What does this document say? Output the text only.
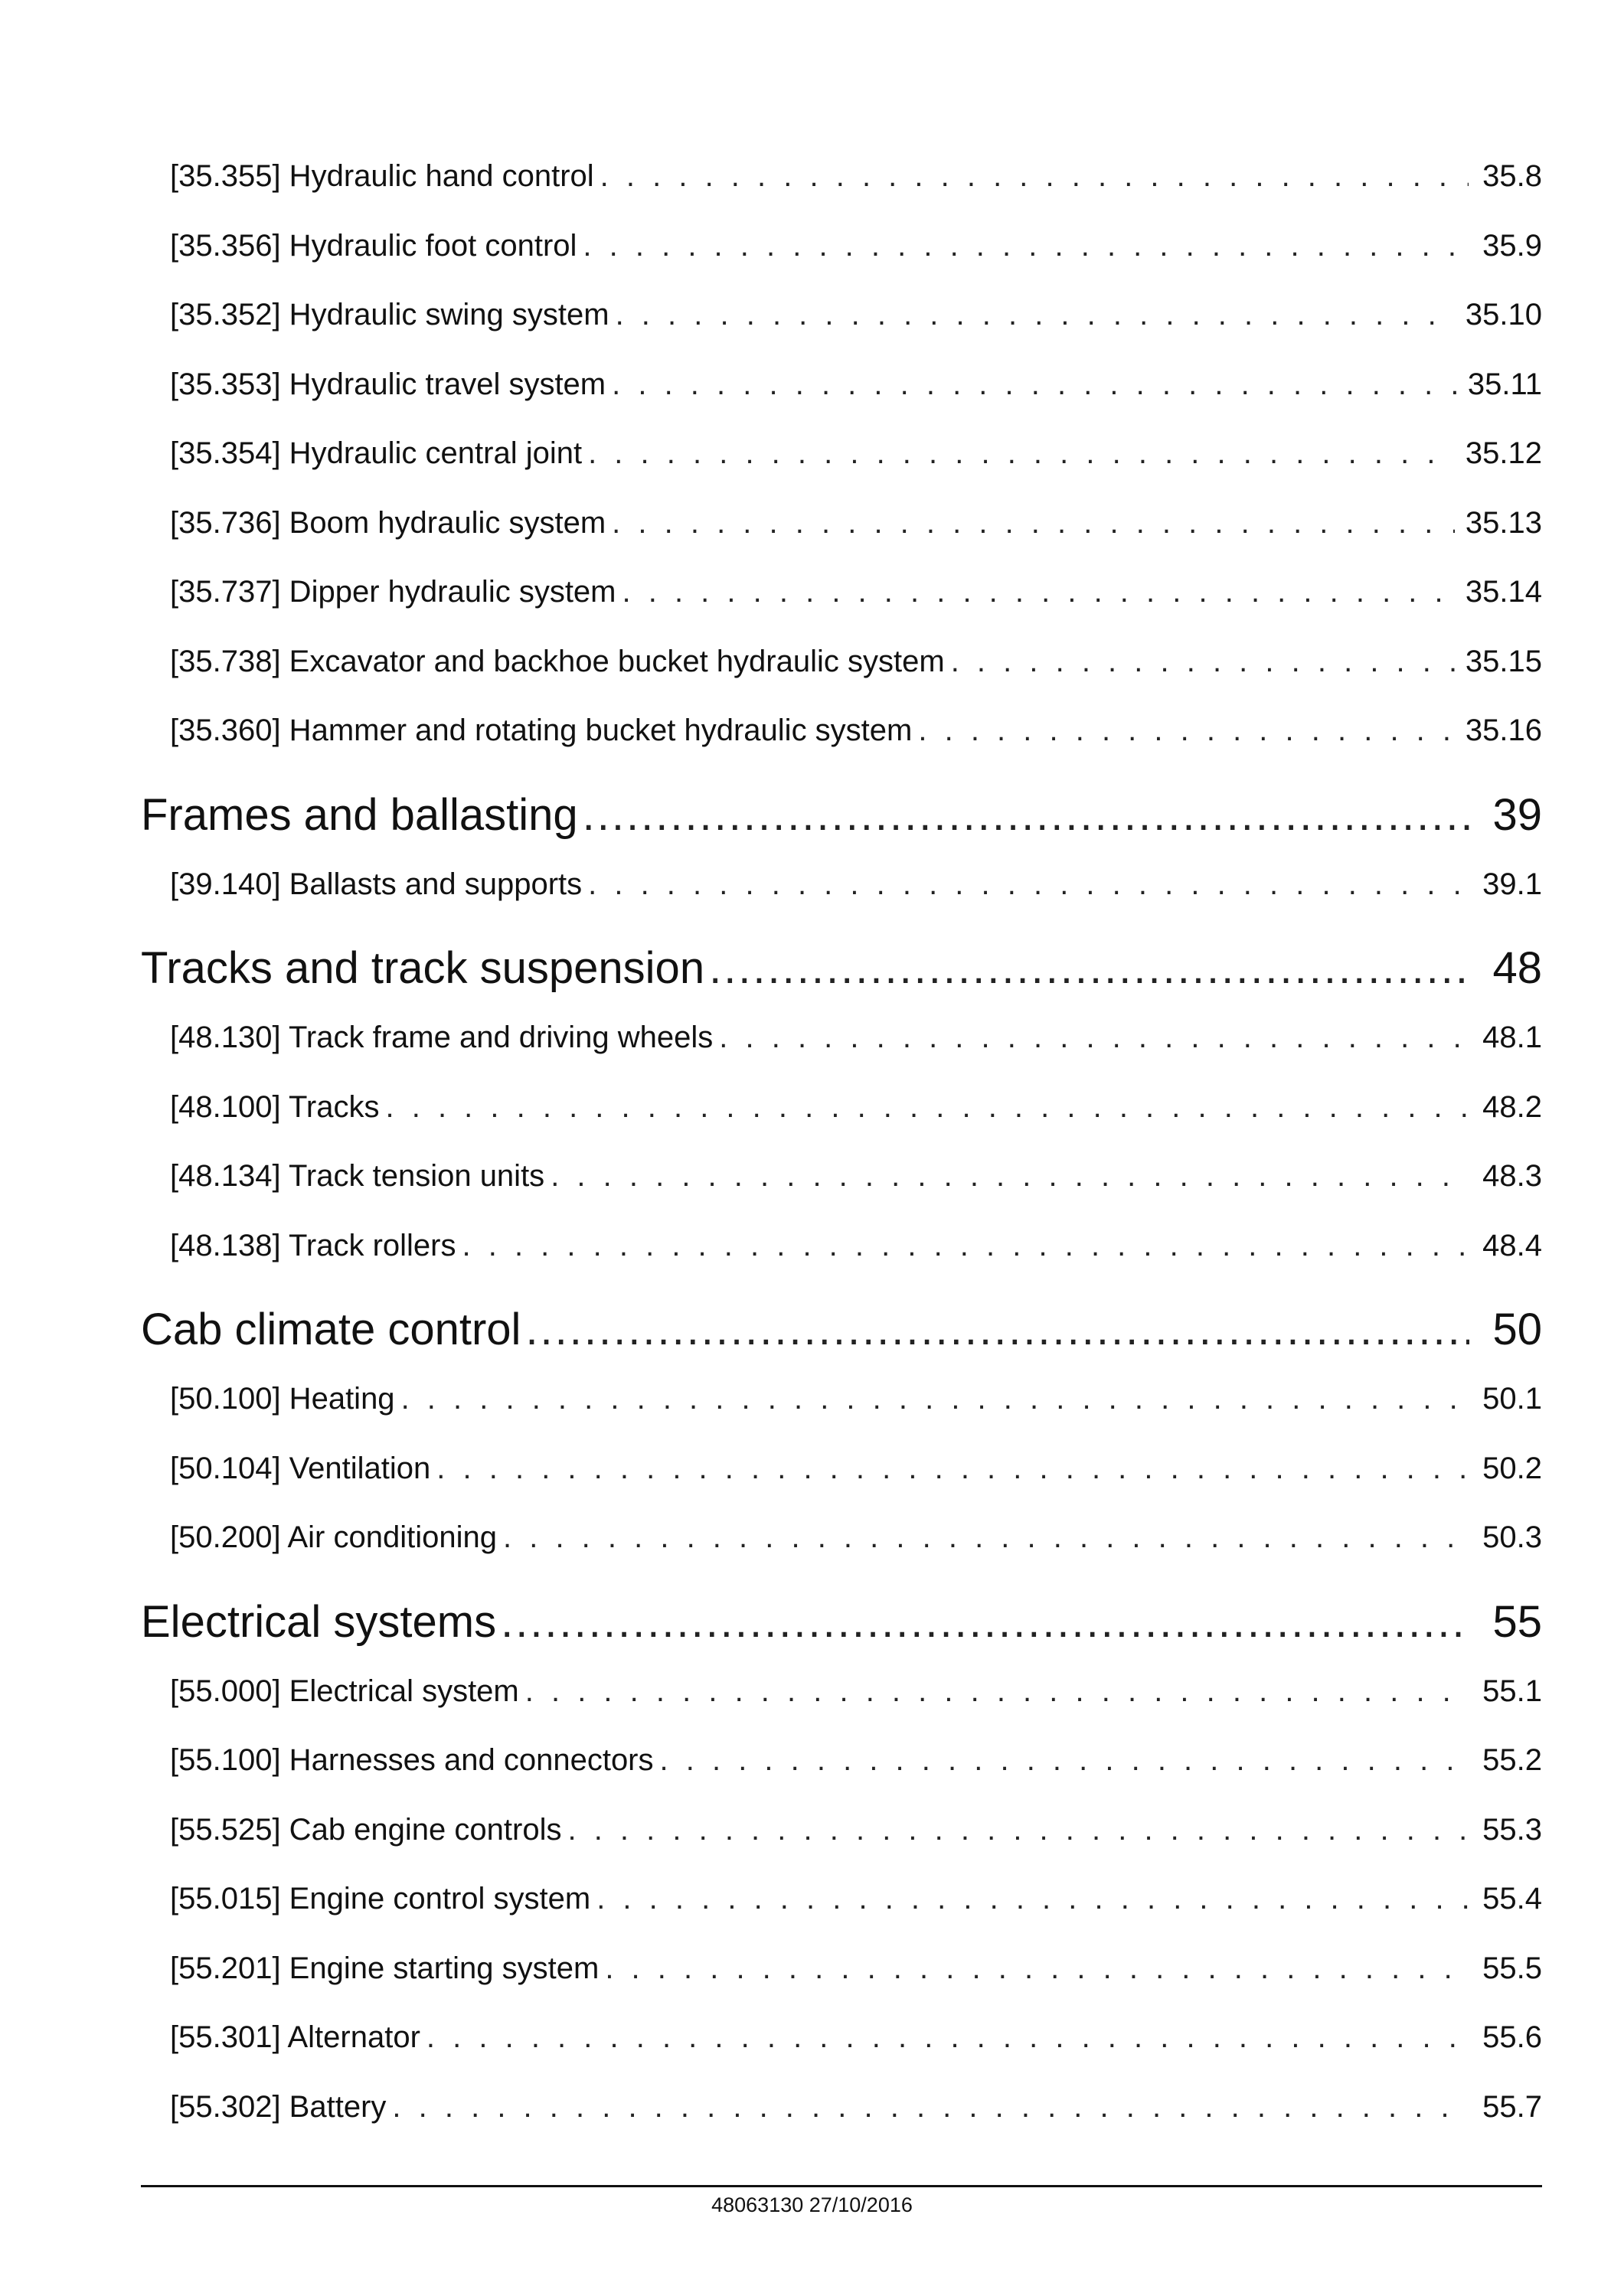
[35.355] Hydraulic hand control . . .	35.8
[35.356] Hydraulic foot control . . .	35.9
[35.352] Hydraulic swing system . . .	35.10
[35.353] Hydraulic travel system . . .	35.11
[35.354] Hydraulic central joint . . .	35.12
[35.736] Boom hydraulic system . . .	35.13
[35.737] Dipper hydraulic system . . .	35.14
[35.738] Excavator and backhoe bucket hydraulic system . . .	35.15
[35.360] Hammer and rotating bucket hydraulic system . . .	35.16
Frames and ballasting .....	39
[39.140] Ballasts and supports . . .	39.1
Tracks and track suspension .....	48
[48.130] Track frame and driving wheels . . .	48.1
[48.100] Tracks . . .	48.2
[48.134] Track tension units . . .	48.3
[48.138] Track rollers . . .	48.4
Cab climate control .....	50
[50.100] Heating . . .	50.1
[50.104] Ventilation . . .	50.2
[50.200] Air conditioning . . .	50.3
Electrical systems .....	55
[55.000] Electrical system . . .	55.1
[55.100] Harnesses and connectors . . .	55.2
[55.525] Cab engine controls . . .	55.3
[55.015] Engine control system . . .	55.4
[55.201] Engine starting system . . .	55.5
[55.301] Alternator . . .	55.6
[55.302] Battery . . .	55.7
48063130 27/10/2016
